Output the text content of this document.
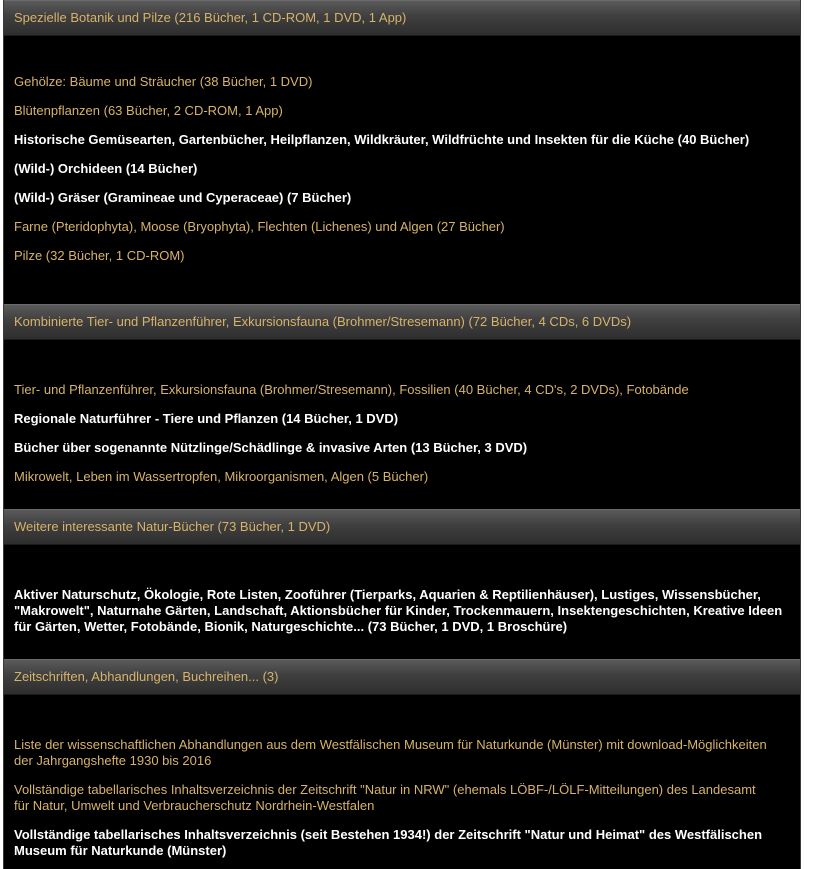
Spezielle Botanik und Pilze (216 Bücher, 1 CD-ROM, 1 DVD, 1 App)
Gehölze: Bäume und Sträucher (38 Bücher, 1 DVD)
Blütenpflanzen (63 Bücher, 2 CD-ROM, 1 App)
Historische Gemüsearten, Gartenbücher, Heilpflanzen, Wildkräuter, Wildfrüchte und Insekten für die Küche (40 Bücher)
(Wild-) Orchideen (14 Bücher)
(Wild-) Gräser (Gramineae und Cyperaceae) (7 Bücher)
Farne (Pteridophyta), Moose (Bryophyta), Flechten (Lichenes) und Algen (27 Bücher)
Pilze (32 Bücher, 1 CD-ROM)
Kombinierte Tier- und Pflanzenführer, Exkursionsfauna (Brohmer/Stresemann) (72 Bücher, 4 CDs, 6 DVDs)
Tier- und Pflanzenführer, Exkursionsfauna (Brohmer/Stresemann), Fossilien (40 Bücher, 4 CD's, 2 DVDs), Fotobände
Regionale Naturführer - Tiere und Pflanzen (14 Bücher, 1 DVD)
Bücher über sogenannte Nützlinge/Schädlinge & invasive Arten (13 Bücher, 3 DVD)
Mikrowelt, Leben im Wassertropfen, Mikroorganismen, Algen (5 Bücher)
Weitere interessante Natur-Bücher (73 Bücher, 1 DVD)
Aktiver Naturschutz, Ökologie, Rote Listen, Zooführer (Tierparks, Aquarien & Reptilienhäuser), Lustiges, Wissensbücher, "Makrowelt", Naturnahe Gärten, Landschaft, Aktionsbücher für Kinder, Trockenmauern, Insektengeschichten, Kreative Ideen für Gärten, Wetter, Fotobände, Bionik, Naturgeschichte... (73 Bücher, 1 DVD, 1 Broschüre)
Zeitschriften, Abhandlungen, Buchreihen... (3)
Liste der wissenschaftlichen Abhandlungen aus dem Westfälischen Museum für Naturkunde (Münster) mit download-Möglichkeiten der Jahrgangshefte 1930 bis 2016
Vollständige tabellarisches Inhaltsverzeichnis der Zeitschrift "Natur in NRW" (ehemals LÖBF-/LÖLF-Mitteilungen) des Landesamt für Natur, Umwelt und Verbraucherschutz Nordrhein-Westfalen
Vollständige tabellarisches Inhaltsverzeichnis (seit Bestehen 1934!) der Zeitschrift "Natur und Heimat" des Westfälischen Museum für Naturkunde (Münster)
